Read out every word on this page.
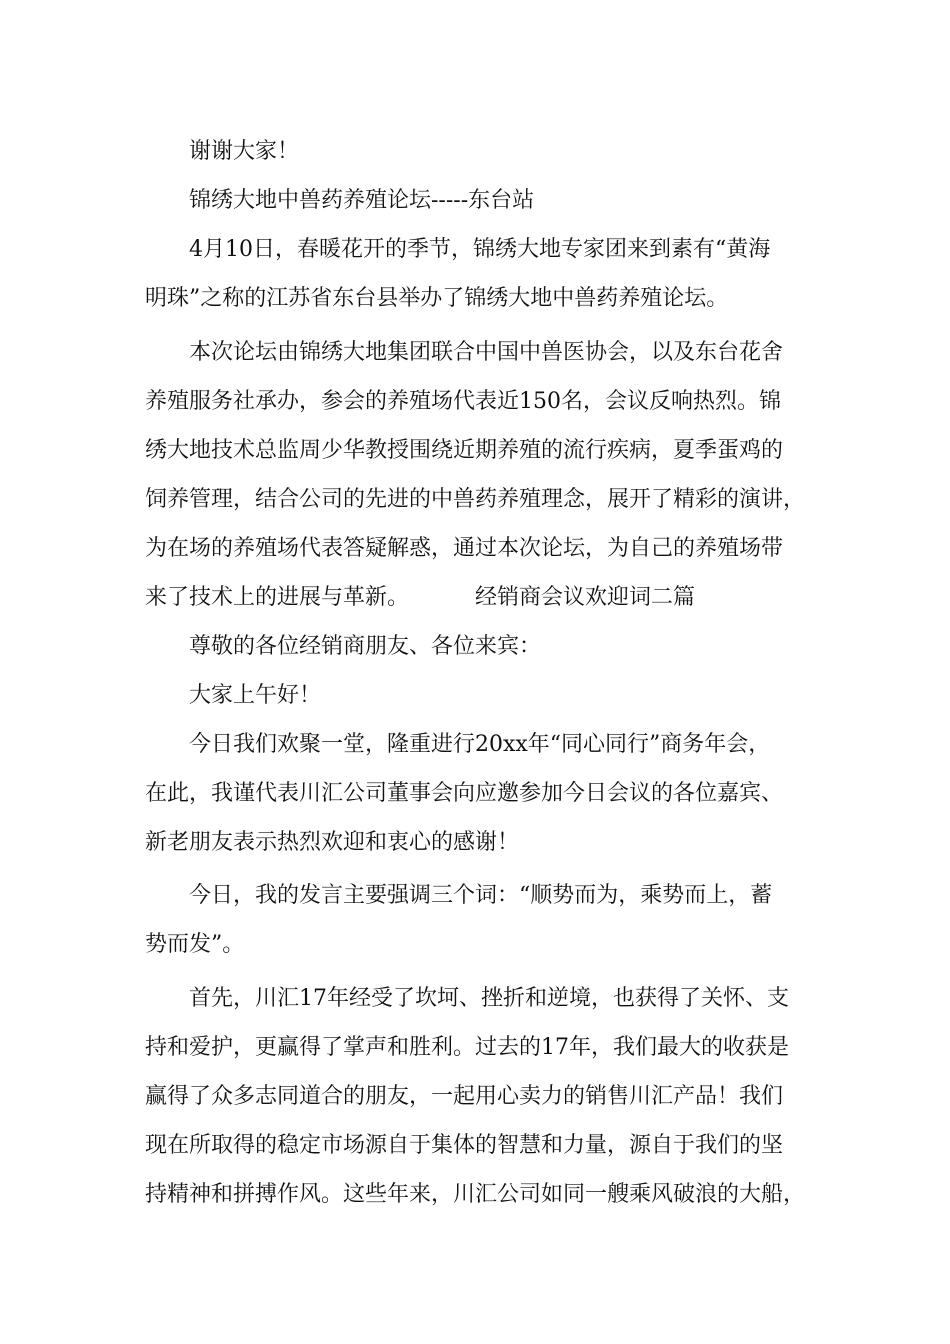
谢谢大家！

锦绣大地中兽药养殖论坛-----东台站

4月10日，春暖花开的季节，锦绣大地专家团来到素有“黄海

明珠”之称的江苏省东台县举办了锦绣大地中兽药养殖论坛。

本次论坛由锦绣大地集团联合中国中兽医协会，以及东台花舍

养殖服务社承办，参会的养殖场代表近150名，会议反响热烈。锦

绣大地技术总监周少华教授围绕近期养殖的流行疾病，夏季蛋鸡的

饲养管理，结合公司的先进的中兽药养殖理念，展开了精彩的演讲，

为在场的养殖场代表答疑解惑，通过本次论坛，为自己的养殖场带

来了技术上的进展与革新。	经销商会议欢迎词二篇

尊敬的各位经销商朋友、各位来宾：

大家上午好！

今日我们欢聚一堂，隆重进行20xx年“同心同行”商务年会，

在此，我谨代表川汇公司董事会向应邀参加今日会议的各位嘉宾、

新老朋友表示热烈欢迎和衷心的感谢！

今日，我的发言主要强调三个词：“顺势而为，乘势而上，蓄

势而发”。

首先，川汇17年经受了坎坷、挫折和逆境，也获得了关怀、支

持和爱护，更赢得了掌声和胜利。过去的17年，我们最大的收获是

赢得了众多志同道合的朋友，一起用心卖力的销售川汇产品！我们

现在所取得的稳定市场源自于集体的智慧和力量，源自于我们的坚

持精神和拼搏作风。这些年来，川汇公司如同一艘乘风破浪的大船，
